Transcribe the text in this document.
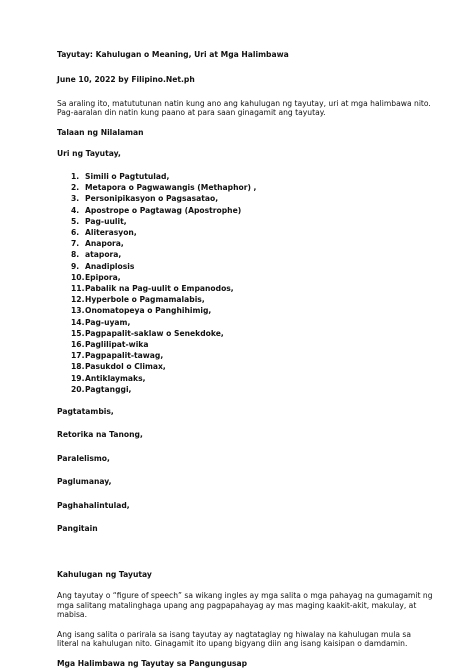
Tayutay: Kahulugan o Meaning, Uri at Mga Halimbawa
June 10, 2022 by Filipino.Net.ph
Sa araling ito, matututunan natin kung ano ang kahulugan ng tayutay, uri at mga halimbawa nito. Pag-aaralan din natin kung paano at para saan ginagamit ang tayutay.
Talaan ng Nilalaman
Uri ng Tayutay,
1. Simili o Pagtutulad,
2. Metapora o Pagwawangis (Methaphor) ,
3. Personipikasyon o Pagsasatao,
4. Apostrope o Pagtawag (Apostrophe)
5. Pag-uulit,
6. Aliterasyon,
7. Anapora,
8. atapora,
9. Anadiplosis
10. Epipora,
11. Pabalik na Pag-uulit o Empanodos,
12. Hyperbole o Pagmamalabis,
13. Onomatopeya o Panghihimig,
14. Pag-uyam,
15. Pagpapalit-saklaw o Senekdoke,
16. Paglilipat-wika
17. Pagpapalit-tawag,
18. Pasukdol o Climax,
19. Antiklaymaks,
20. Pagtanggi,
Pagtatambis,
Retorika na Tanong,
Paralelismo,
Paglumanay,
Paghahalintulad,
Pangitain
Kahulugan ng Tayutay
Ang tayutay o “figure of speech” sa wikang ingles ay mga salita o mga pahayag na gumagamit ng mga salitang matalinghaga upang ang pagpapahayag ay mas maging kaakit-akit, makulay, at mabisa.
Ang isang salita o parirala sa isang tayutay ay nagtataglay ng hiwalay na kahulugan mula sa literal na kahulugan nito. Ginagamit ito upang bigyang diin ang isang kaisipan o damdamin.
Mga Halimbawa ng Tayutay sa Pangungusap
